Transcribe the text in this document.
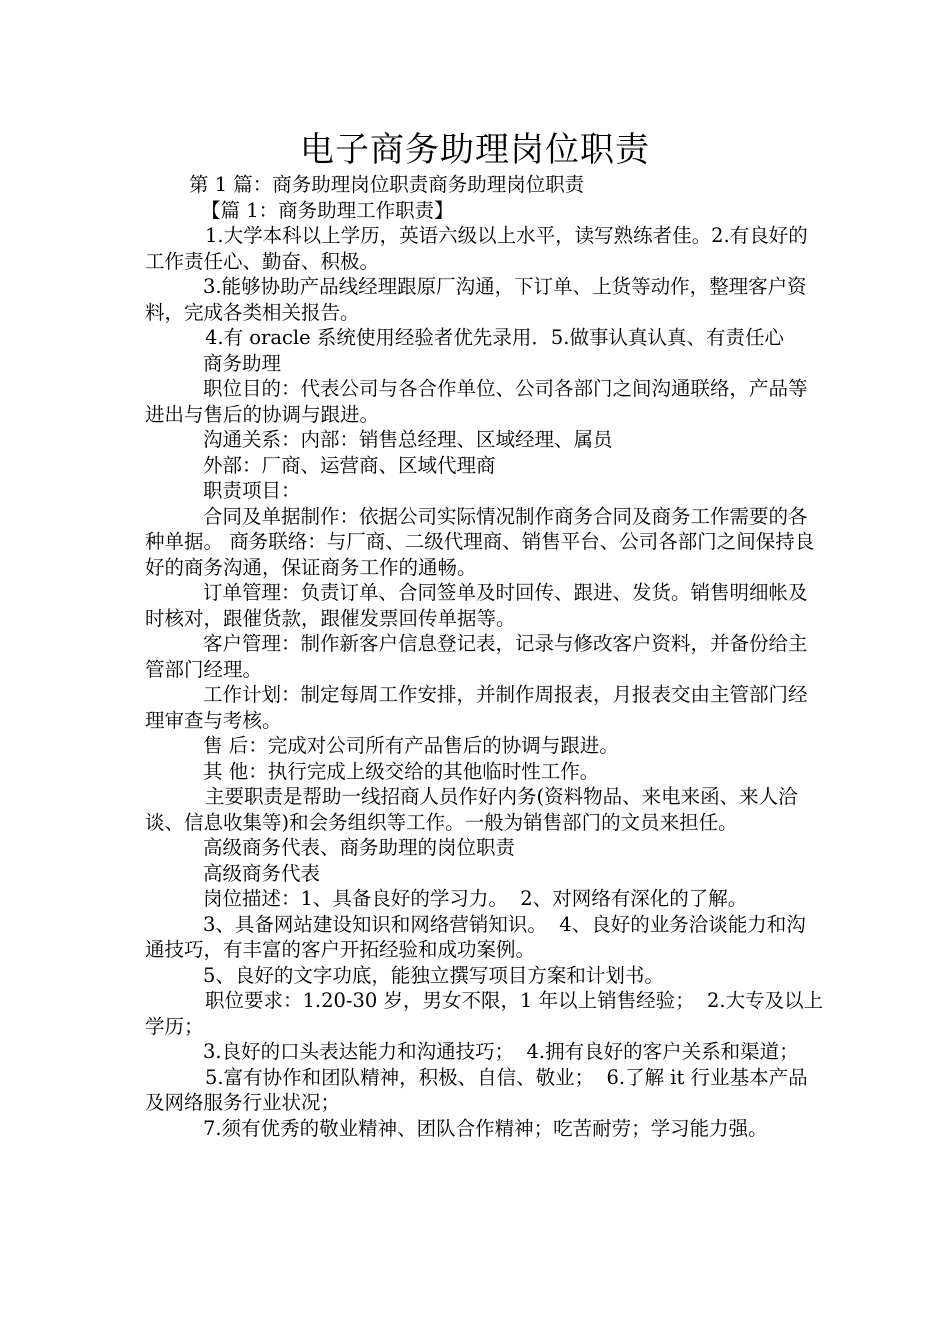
电子商务助理岗位职责

第 1 篇：商务助理岗位职责商务助理岗位职责

【篇 1：商务助理工作职责】

1.大学本科以上学历，英语六级以上水平，读写熟练者佳。2.有良好的工作责任心、勤奋、积极。

3.能够协助产品线经理跟原厂沟通，下订单、上货等动作，整理客户资料，完成各类相关报告。

4.有 oracle 系统使用经验者优先录用．5.做事认真认真、有责任心

商务助理

职位目的：代表公司与各合作单位、公司各部门之间沟通联络，产品等进出与售后的协调与跟进。

沟通关系：内部：销售总经理、区域经理、属员

外部：厂商、运营商、区域代理商

职责项目：

合同及单据制作：依据公司实际情况制作商务合同及商务工作需要的各种单据。 商务联络：与厂商、二级代理商、销售平台、公司各部门之间保持良好的商务沟通，保证商务工作的通畅。

订单管理：负责订单、合同签单及时回传、跟进、发货。销售明细帐及时核对，跟催货款，跟催发票回传单据等。

客户管理：制作新客户信息登记表，记录与修改客户资料，并备份给主管部门经理。

工作计划：制定每周工作安排，并制作周报表，月报表交由主管部门经理审查与考核。

售 后：完成对公司所有产品售后的协调与跟进。

其 他：执行完成上级交给的其他临时性工作。

主要职责是帮助一线招商人员作好内务(资料物品、来电来函、来人洽谈、信息收集等)和会务组织等工作。一般为销售部门的文员来担任。

高级商务代表、商务助理的岗位职责

高级商务代表

岗位描述：1、具备良好的学习力。  2、对网络有深化的了解。

3、具备网站建设知识和网络营销知识。  4、良好的业务洽谈能力和沟通技巧，有丰富的客户开拓经验和成功案例。

5、良好的文字功底，能独立撰写项目方案和计划书。

职位要求：1.20-30 岁，男女不限，1 年以上销售经验；  2.大专及以上学历；

3.良好的口头表达能力和沟通技巧；  4.拥有良好的客户关系和渠道；

5.富有协作和团队精神，积极、自信、敬业；  6.了解 it 行业基本产品及网络服务行业状况；

7.须有优秀的敬业精神、团队合作精神；吃苦耐劳；学习能力强。
